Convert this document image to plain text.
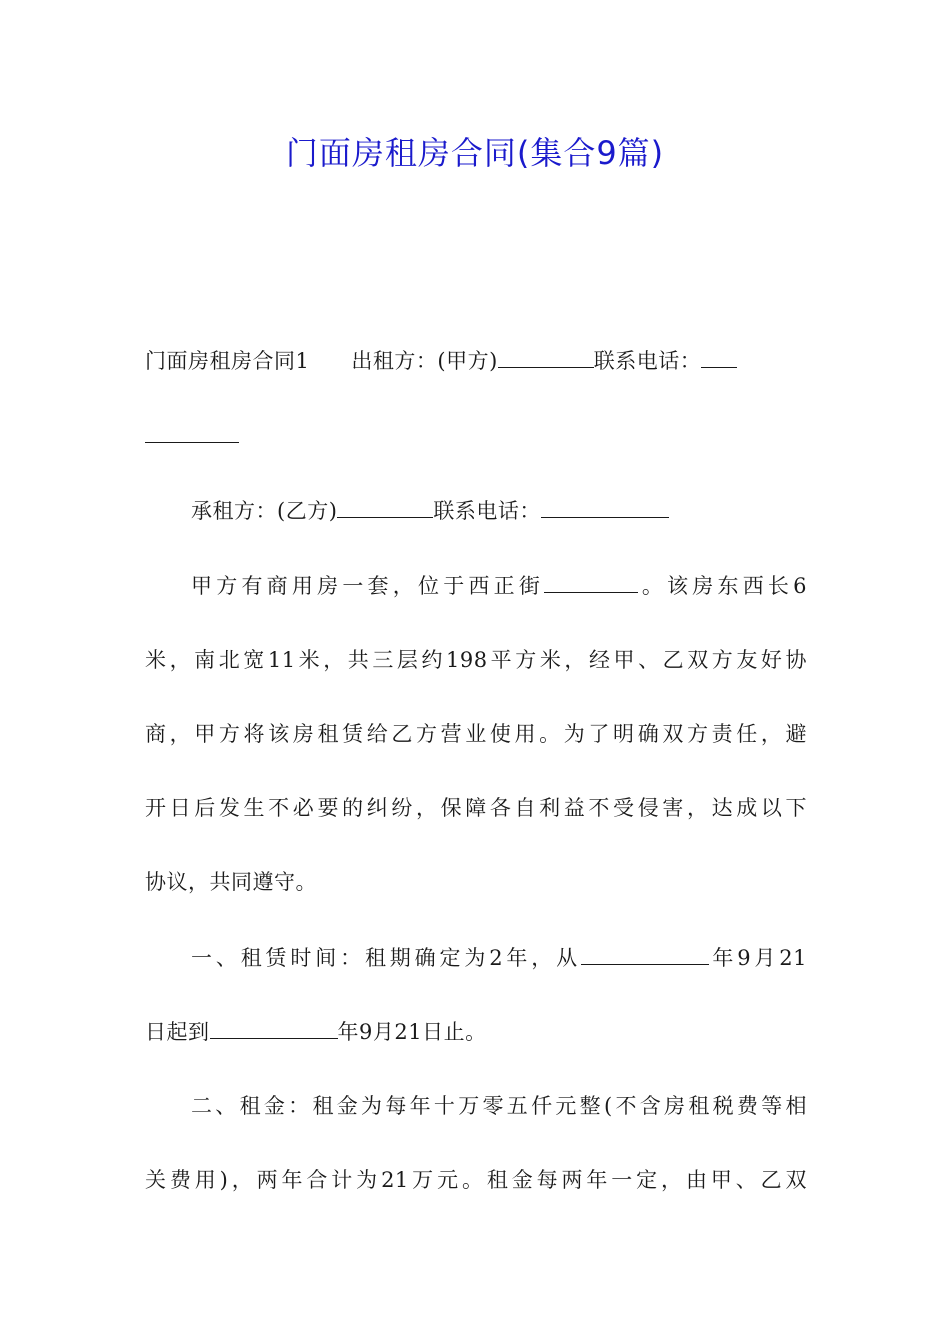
门面房租房合同(集合9篇)
门面房租房合同1 出租方：(甲方)	联系电话：
承租方：(乙方)	联系电话：
甲方有商用房一套，位于西正街	。该房东西长6
米，南北宽11米，共三层约198平方米，经甲、乙双方友好协
商，甲方将该房租赁给乙方营业使用。为了明确双方责任，避
开日后发生不必要的纠纷，保障各自利益不受侵害，达成以下
协议，共同遵守。
一、租赁时间：租期确定为2年，从	年9月21
日起到	年9月21日止。
二、租金：租金为每年十万零五仟元整(不含房租税费等相
关费用)，两年合计为21万元。租金每两年一定，由甲、乙双
